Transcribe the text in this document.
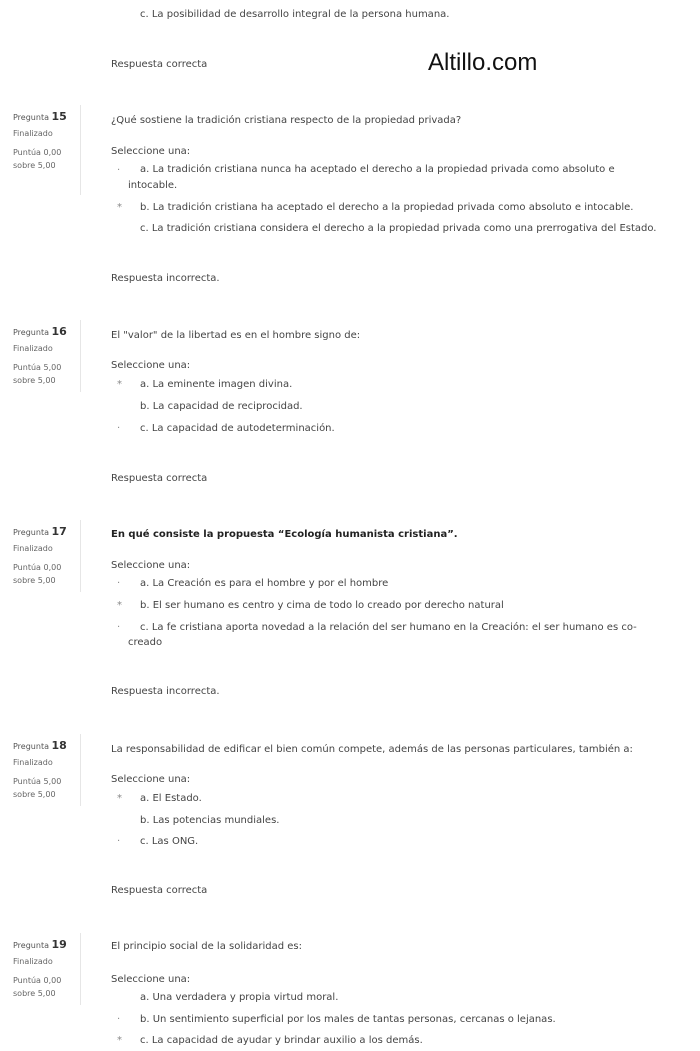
c. La posibilidad de desarrollo integral de la persona humana.
Respuesta correcta	Altillo.com
Pregunta 15
Finalizado
Puntúa 0,00
sobre 5,00
¿Qué sostiene la tradición cristiana respecto de la propiedad privada?
Seleccione una:
· a. La tradición cristiana nunca ha aceptado el derecho a la propiedad privada como absoluto e
intocable.
* b. La tradición cristiana ha aceptado el derecho a la propiedad privada como absoluto e intocable.
c. La tradición cristiana considera el derecho a la propiedad privada como una prerrogativa del Estado.
Respuesta incorrecta.
Pregunta 16
Finalizado
Puntúa 5,00
sobre 5,00
El "valor" de la libertad es en el hombre signo de:
Seleccione una:
* a. La eminente imagen divina.
b. La capacidad de reciprocidad.
· c. La capacidad de autodeterminación.
Respuesta correcta
Pregunta 17
Finalizado
Puntúa 0,00
sobre 5,00
En qué consiste la propuesta “Ecología humanista cristiana”.
Seleccione una:
· a. La Creación es para el hombre y por el hombre
* b. El ser humano es centro y cima de todo lo creado por derecho natural
· c. La fe cristiana aporta novedad a la relación del ser humano en la Creación: el ser humano es co-
creado
Respuesta incorrecta.
Pregunta 18
Finalizado
Puntúa 5,00
sobre 5,00
La responsabilidad de edificar el bien común compete, además de las personas particulares, también a:
Seleccione una:
* a. El Estado.
b. Las potencias mundiales.
· c. Las ONG.
Respuesta correcta
Pregunta 19
Finalizado
Puntúa 0,00
sobre 5,00
El principio social de la solidaridad es:
Seleccione una:
a. Una verdadera y propia virtud moral.
· b. Un sentimiento superficial por los males de tantas personas, cercanas o lejanas.
* c. La capacidad de ayudar y brindar auxilio a los demás.
